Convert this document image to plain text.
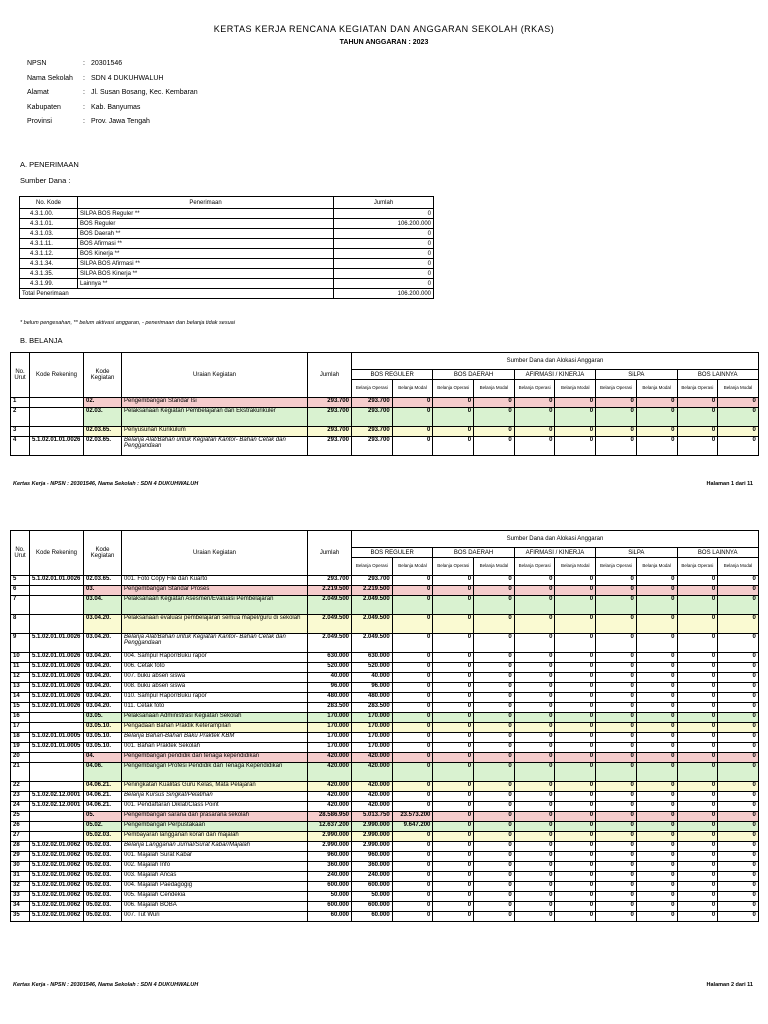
KERTAS KERJA RENCANA KEGIATAN DAN ANGGARAN SEKOLAH (RKAS)
TAHUN ANGGARAN : 2023
NPSN	: 20301546
Nama Sekolah : SDN 4 DUKUHWALUH
Alamat	: Jl. Susan Bosang, Kec. Kembaran
Kabupaten	: Kab. Banyumas
Provinsi	: Prov. Jawa Tengah
A. PENERIMAAN
Sumber Dana :
No. Kode	Penerimaan	Jumlah
4.3.1.00.	SILPA BOS Reguler **	0
4.3.1.01.	BOS Reguler	106.200.000
4.3.1.03.	BOS Daerah **	0
4.3.1.11.	BOS Afirmasi **	0
4.3.1.12.	BOS Kinerja **	0
4.3.1.34.	SILPA BOS Afirmasi **	0
4.3.1.35.	SILPA BOS Kinerja **	0
4.3.1.99.	Lainnya **	0
Total Penerimaan		106.200.000
* belum pengesahan, ** belum aktivasi anggaran, - penerimaan dan belanja tidak sesuai
B. BELANJA
No. Urut	Kode Rekening	Kode Kegiatan	Uraian Kegiatan	Jumlah	Sumber Dana dan Alokasi Anggaran									
					BOS REGULER		BOS DAERAH		AFIRMASI / KINERJA		SiLPA		BOS LAINNYA	
					Belanja Operasi	Belanja Modal	Belanja Operasi	Belanja Modal	Belanja Operasi	Belanja Modal	Belanja Operasi	Belanja Modal	Belanja Operasi	Belanja Modal
1		02.	Pengembangan Standar Isi	293.700	293.700	0	0	0	0	0	0	0	0	0
2		02.03.	Pelaksanaan Kegiatan Pembelajaran dan Ekstrakurikuler	293.700	293.700	0	0	0	0	0	0	0	0	0
3		02.03.65.	Penyusunan Kurikulum	293.700	293.700	0	0	0	0	0	0	0	0	0
4	5.1.02.01.01.0026	02.03.65.	Belanja Alat/Bahan untuk Kegiatan Kantor- Bahan Cetak dan Penggandaan	293.700	293.700	0	0	0	0	0	0	0	0	0
Kertas Kerja - NPSN : 20301546, Nama Sekolah : SDN 4 DUKUHWALUH	Halaman 1 dari 11
No. Urut	Kode Rekening	Kode Kegiatan	Uraian Kegiatan	Jumlah	Sumber Dana dan Alokasi Anggaran									
					BOS REGULER		BOS DAERAH		AFIRMASI / KINERJA		SiLPA		BOS LAINNYA	
					Belanja Operasi	Belanja Modal	Belanja Operasi	Belanja Modal	Belanja Operasi	Belanja Modal	Belanja Operasi	Belanja Modal	Belanja Operasi	Belanja Modal
5	5.1.02.01.01.0026	02.03.65.	001. Foto Copy File dan Kuarto	293.700	293.700	0	0	0	0	0	0	0	0	0
6		03.	Pengembangan Standar Proses	2.219.500	2.219.500	0	0	0	0	0	0	0	0	0
7		03.04.	Pelaksanaan Kegiatan Asesmen/Evaluasi Pembelajaran	2.049.500	2.049.500	0	0	0	0	0	0	0	0	0
8		03.04.20.	Pelaksanaan evaluasi pembelajaran semua mapel/guru di sekolah	2.049.500	2.049.500	0	0	0	0	0	0	0	0	0
9	5.1.02.01.01.0026	03.04.20.	Belanja Alat/Bahan untuk Kegiatan Kantor- Bahan Cetak dan Penggandaan	2.049.500	2.049.500	0	0	0	0	0	0	0	0	0
10	5.1.02.01.01.0026	03.04.20.	004. Sampul Rapor/Buku rapor	630.000	630.000	0	0	0	0	0	0	0	0	0
11	5.1.02.01.01.0026	03.04.20.	006. Cetak foto	520.000	520.000	0	0	0	0	0	0	0	0	0
12	5.1.02.01.01.0026	03.04.20.	007. buku absen siswa	40.000	40.000	0	0	0	0	0	0	0	0	0
13	5.1.02.01.01.0026	03.04.20.	008. buku absen siswa	96.000	96.000	0	0	0	0	0	0	0	0	0
14	5.1.02.01.01.0026	03.04.20.	010. Sampul Rapor/Buku rapor	480.000	480.000	0	0	0	0	0	0	0	0	0
15	5.1.02.01.01.0026	03.04.20.	011. Cetak foto	283.500	283.500	0	0	0	0	0	0	0	0	0
16		03.05.	Pelaksanaan Administrasi Kegiatan Sekolah	170.000	170.000	0	0	0	0	0	0	0	0	0
17		03.05.10.	Pengadaan Bahan Praktik Keterampilan	170.000	170.000	0	0	0	0	0	0	0	0	0
18	5.1.02.01.01.0005	03.05.10.	Belanja Bahan-Bahan Baku Praktek KBM	170.000	170.000	0	0	0	0	0	0	0	0	0
19	5.1.02.01.01.0005	03.05.10.	001. Bahan Praktek Sekolah	170.000	170.000	0	0	0	0	0	0	0	0	0
20		04.	Pengembangan pendidik dan tenaga kependidikan	420.000	420.000	0	0	0	0	0	0	0	0	0
21		04.06.	Pengembangan Profesi Pendidik dan Tenaga Kependidikan	420.000	420.000	0	0	0	0	0	0	0	0	0
22		04.06.21.	Peningkatan Kualitas Guru Kelas, Mata Pelajaran	420.000	420.000	0	0	0	0	0	0	0	0	0
23	5.1.02.02.12.0001	04.06.21.	Belanja Kursus Singkat/Pelatihan	420.000	420.000	0	0	0	0	0	0	0	0	0
24	5.1.02.02.12.0001	04.06.21.	001. Pendaftaran Diklat/Class Point	420.000	420.000	0	0	0	0	0	0	0	0	0
25		05.	Pengembangan sarana dan prasarana sekolah	28.586.950	5.013.750	23.573.200	0	0	0	0	0	0	0	0
26		05.02.	Pengembangan Perpustakaan	12.637.200	2.990.000	9.647.200	0	0	0	0	0	0	0	0
27		05.02.03.	Pembayaran langganan koran dan majalah	2.990.000	2.990.000	0	0	0	0	0	0	0	0	0
28	5.1.02.02.01.0062	05.02.03.	Belanja Langganan Jurnal/Surat Kabar/Majalah	2.990.000	2.990.000	0	0	0	0	0	0	0	0	0
29	5.1.02.02.01.0062	05.02.03.	001. Majalah Surat Kabar	960.000	960.000	0	0	0	0	0	0	0	0	0
30	5.1.02.02.01.0062	05.02.03.	002. Majalah Info	360.000	360.000	0	0	0	0	0	0	0	0	0
31	5.1.02.02.01.0062	05.02.03.	003. Majalah Ancas	240.000	240.000	0	0	0	0	0	0	0	0	0
32	5.1.02.02.01.0062	05.02.03.	004. Majalah Paedagogig	600.000	600.000	0	0	0	0	0	0	0	0	0
33	5.1.02.02.01.0062	05.02.03.	005. Majalah Cendekia	50.000	50.000	0	0	0	0	0	0	0	0	0
34	5.1.02.02.01.0062	05.02.03.	006. Majalah BOBA	600.000	600.000	0	0	0	0	0	0	0	0	0
35	5.1.02.02.01.0062	05.02.03.	007. Tut Wuri	60.000	60.000	0	0	0	0	0	0	0	0	0
Kertas Kerja - NPSN : 20301546, Nama Sekolah : SDN 4 DUKUHWALUH	Halaman 2 dari 11
